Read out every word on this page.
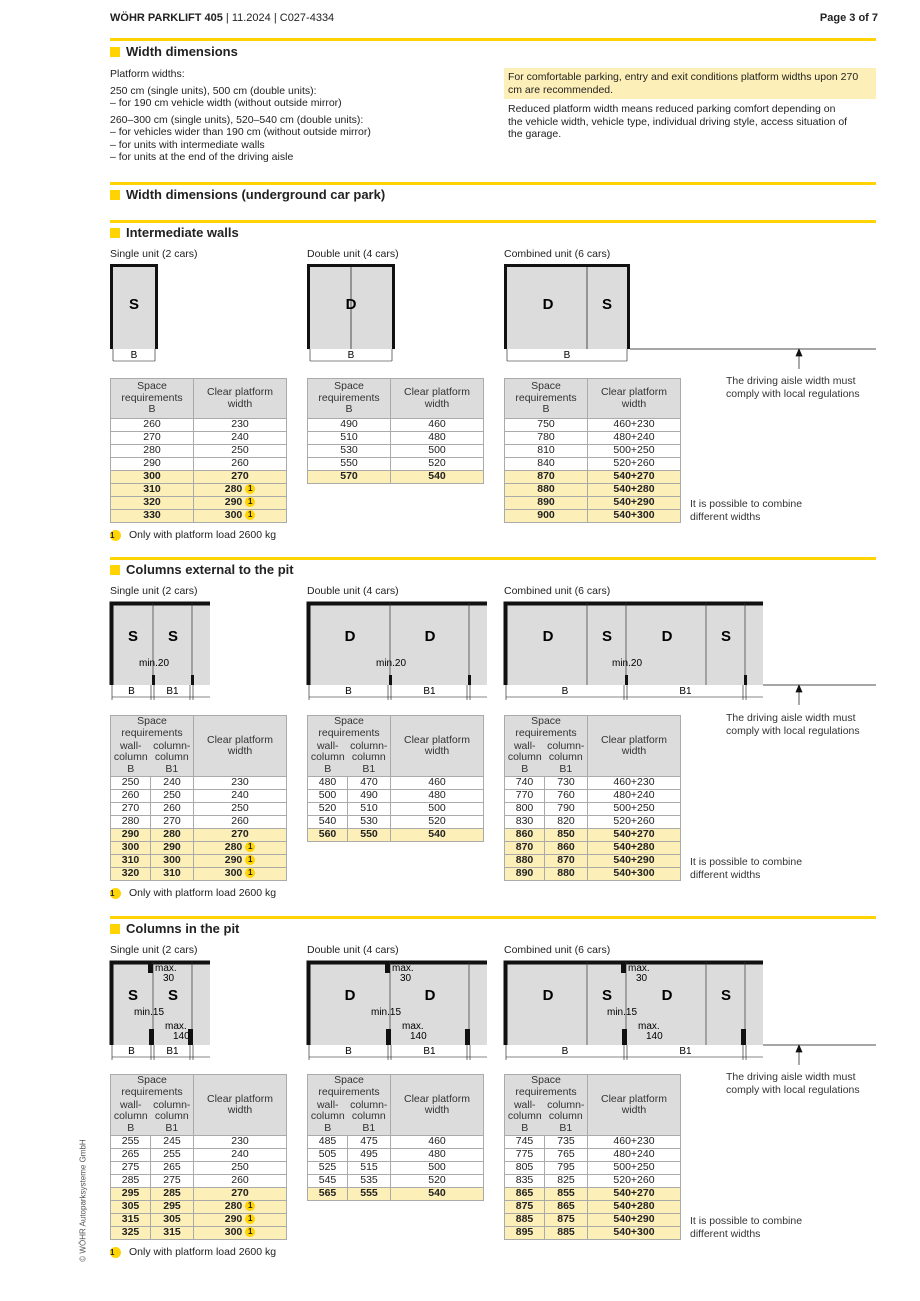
WÖHR PARKLIFT 405 | 11.2024 | C027-4334	Page 3 of 7
Width dimensions

Platform widths:

250 cm (single units), 500 cm (double units):
– for 190 cm vehicle width (without outside mirror)

260–300 cm (single units), 520–540 cm (double units):
– for vehicles wider than 190 cm (without outside mirror)
– for units with intermediate walls
– for units at the end of the driving aisle

For comfortable parking, entry and exit conditions platform widths upon 270 cm are recommended.

Reduced platform width means reduced parking comfort depending on the vehicle width, vehicle type, individual driving style, access situation of the garage.

Width dimensions (underground car park)
Intermediate walls
Single unit (2 cars)
B
S
Space requirements
B	Clear platform width
260	230
270	240
280	250
290	260
300	270
310	280 1
320	290 1
330	300 1
Double unit (4 cars)
B
D
Space requirements
B	Clear platform width
490	460
510	480
530	500
550	520
570	540
Combined unit (6 cars)
B
D	S
Space requirements
B	Clear platform width
750	460+230
780	480+240
810	500+250
840	520+260
870	540+270
880	540+280
890	540+290
900	540+300
1	Only with platform load 2600 kg
The driving aisle width must comply with local regulations
It is possible to combine different widths
Columns external to the pit
Single unit (2 cars)
min.20
B	B1
S S
Space requirements		Clear platform width
wall-column
B	column-column
B1	
250	240	230
260	250	240
270	260	250
280	270	260
290	280	270
300	290	280 1
310	300	290 1
320	310	300 1
Double unit (4 cars)
min.20
B	B1
D	D
Space requirements		Clear platform width
wall-column
B	column-column
B1	
480	470	460
500	490	480
520	510	500
540	530	520
560	550	540
Combined unit (6 cars)
min.20
B	B1
D	S	D	S
Space requirements		Clear platform width
wall-column
B	column-column
B1	
740	730	460+230
770	760	480+240
800	790	500+250
830	820	520+260
860	850	540+270
870	860	540+280
880	870	540+290
890	880	540+300
1	Only with platform load 2600 kg
The driving aisle width must comply with local regulations
It is possible to combine different widths
Columns in the pit
Single unit (2 cars)
max. 30
min.15
max. 140
B	B1
S S
Space requirements		Clear platform width
wall-column
B	column-column
B1	
255	245	230
265	255	240
275	265	250
285	275	260
295	285	270
305	295	280 1
315	305	290 1
325	315	300 1
Double unit (4 cars)
max. 30
min.15
max. 140
B	B1
D	D
Space requirements		Clear platform width
wall-column
B	column-column
B1	
485	475	460
505	495	480
525	515	500
545	535	520
565	555	540
Combined unit (6 cars)
max. 30
min.15
max. 140
B	B1
D	S	D	S
Space requirements		Clear platform width
wall-column
B	column-column
B1	
745	735	460+230
775	765	480+240
805	795	500+250
835	825	520+260
865	855	540+270
875	865	540+280
885	875	540+290
895	885	540+300
1	Only with platform load 2600 kg
The driving aisle width must comply with local regulations
It is possible to combine different widths
© WÖHR Autoparksysteme GmbH
